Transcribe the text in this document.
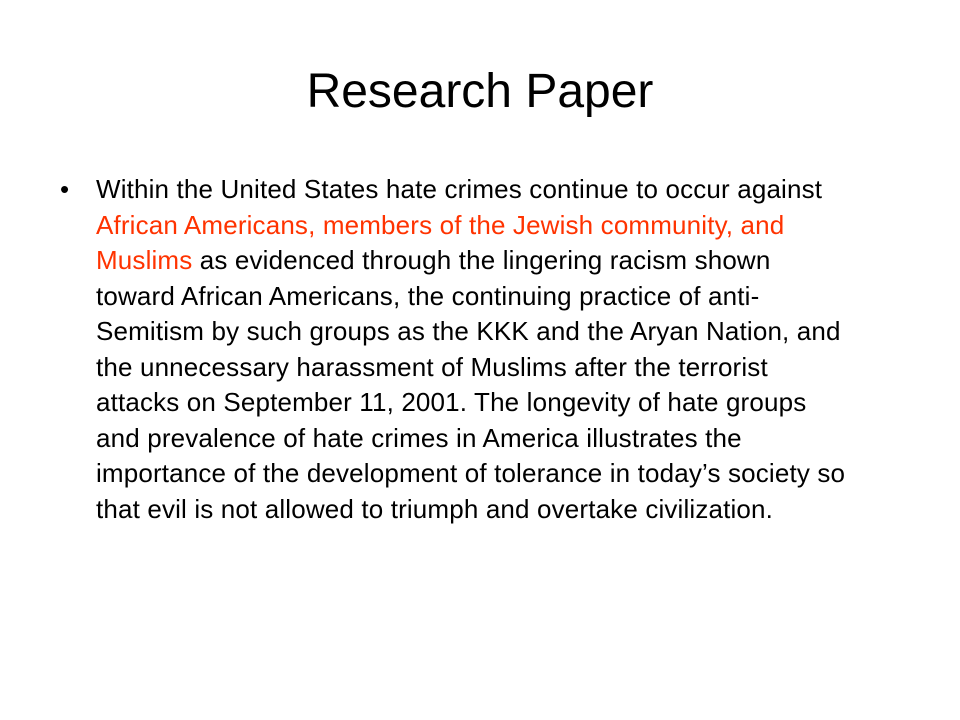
Research Paper
• Within the United States hate crimes continue to occur against African Americans, members of the Jewish community, and Muslims as evidenced through the lingering racism shown toward African Americans, the continuing practice of anti-Semitism by such groups as the KKK and the Aryan Nation, and the unnecessary harassment of Muslims after the terrorist attacks on September 11, 2001. The longevity of hate groups and prevalence of hate crimes in America illustrates the importance of the development of tolerance in today’s society so that evil is not allowed to triumph and overtake civilization.
